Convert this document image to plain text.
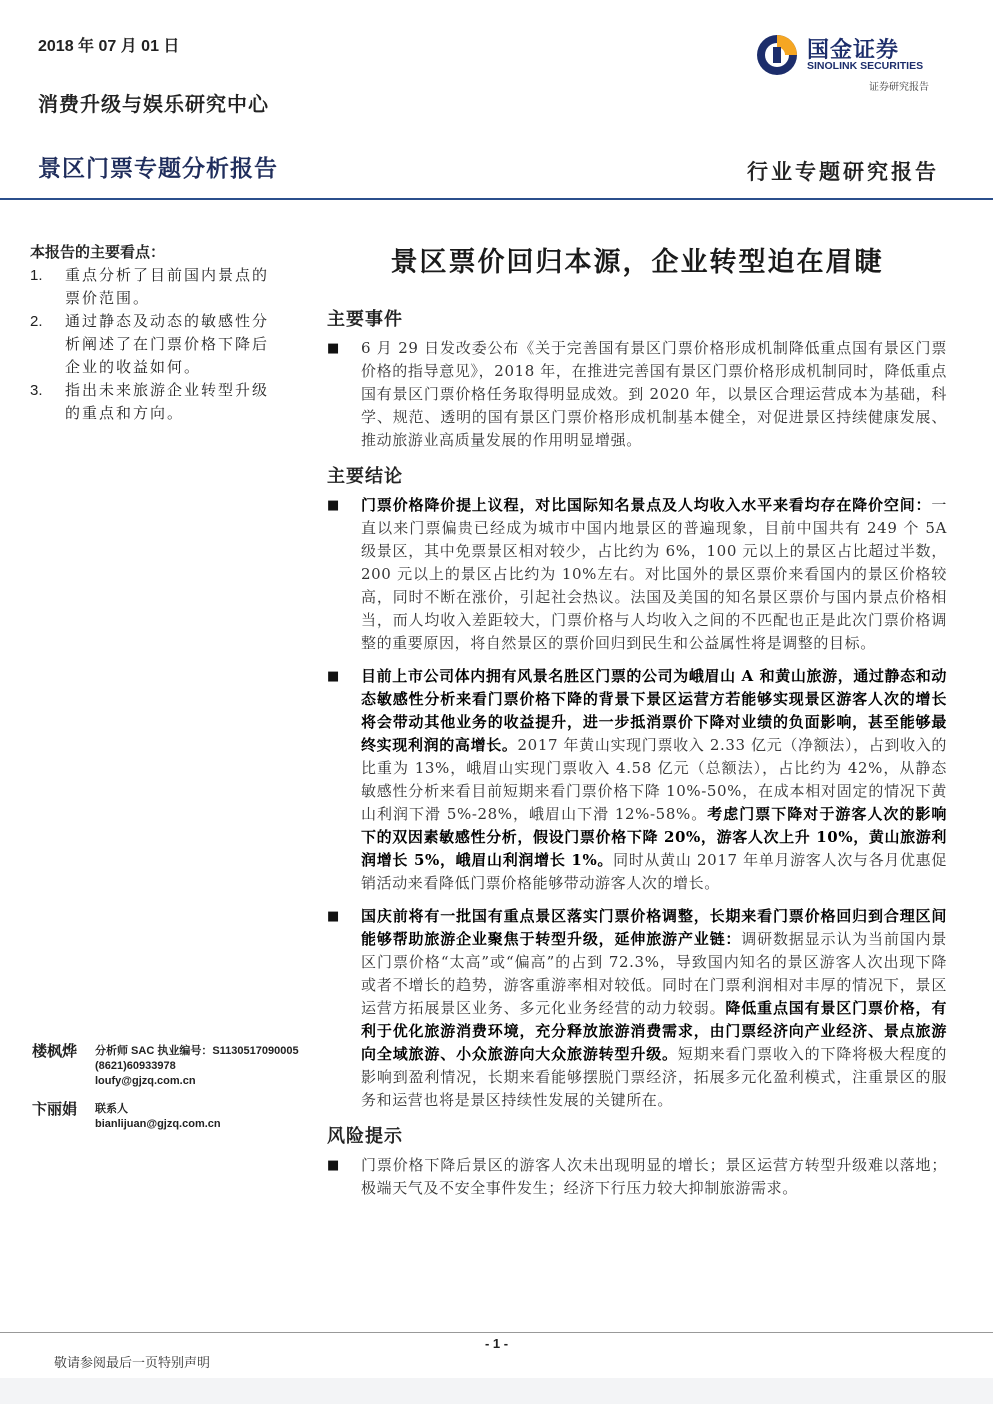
2018 年 07 月 01 日
消费升级与娱乐研究中心
景区门票专题分析报告	行业专题研究报告
国金证券
SINOLINK SECURITIES
证券研究报告
本报告的主要看点：
1.	重点分析了目前国内景点的票价范围。
2.	通过静态及动态的敏感性分析阐述了在门票价格下降后企业的收益如何。
3.	指出未来旅游企业转型升级的重点和方向。
楼枫烨 分析师 SAC 执业编号：S1130517090005
(8621)60933978
loufy@gjzq.com.cn
卞丽娟 联系人
bianlijuan@gjzq.com.cn
景区票价回归本源，企业转型迫在眉睫
主要事件
■	6 月 29 日发改委公布《关于完善国有景区门票价格形成机制降低重点国有景区门票价格的指导意见》，2018 年，在推进完善国有景区门票价格形成机制同时，降低重点国有景区门票价格任务取得明显成效。到 2020 年，以景区合理运营成本为基础，科学、规范、透明的国有景区门票价格形成机制基本健全，对促进景区持续健康发展、推动旅游业高质量发展的作用明显增强。
主要结论
■	门票价格降价提上议程，对比国际知名景点及人均收入水平来看均存在降价空间：一直以来门票偏贵已经成为城市中国内地景区的普遍现象，目前中国共有 249 个 5A 级景区，其中免票景区相对较少，占比约为 6%，100 元以上的景区占比超过半数，200 元以上的景区占比约为 10%左右。对比国外的景区票价来看国内的景区价格较高，同时不断在涨价，引起社会热议。法国及美国的知名景区票价与国内景点价格相当，而人均收入差距较大，门票价格与人均收入之间的不匹配也正是此次门票价格调整的重要原因，将自然景区的票价回归到民生和公益属性将是调整的目标。
■	目前上市公司体内拥有风景名胜区门票的公司为峨眉山 A 和黄山旅游，通过静态和动态敏感性分析来看门票价格下降的背景下景区运营方若能够实现景区游客人次的增长将会带动其他业务的收益提升，进一步抵消票价下降对业绩的负面影响，甚至能够最终实现利润的高增长。2017 年黄山实现门票收入 2.33 亿元（净额法），占到收入的比重为 13%，峨眉山实现门票收入 4.58 亿元（总额法），占比约为 42%，从静态敏感性分析来看目前短期来看门票价格下降 10%-50%，在成本相对固定的情况下黄山利润下滑 5%-28%，峨眉山下滑 12%-58%。考虑门票下降对于游客人次的影响下的双因素敏感性分析，假设门票价格下降 20%，游客人次上升 10%，黄山旅游利润增长 5%，峨眉山利润增长 1%。同时从黄山 2017 年单月游客人次与各月优惠促销活动来看降低门票价格能够带动游客人次的增长。
■	国庆前将有一批国有重点景区落实门票价格调整，长期来看门票价格回归到合理区间能够帮助旅游企业聚焦于转型升级，延伸旅游产业链：调研数据显示认为当前国内景区门票价格“太高”或“偏高”的占到 72.3%，导致国内知名的景区游客人次出现下降或者不增长的趋势，游客重游率相对较低。同时在门票利润相对丰厚的情况下，景区运营方拓展景区业务、多元化业务经营的动力较弱。降低重点国有景区门票价格，有利于优化旅游消费环境，充分释放旅游消费需求，由门票经济向产业经济、景点旅游向全域旅游、小众旅游向大众旅游转型升级。短期来看门票收入的下降将极大程度的影响到盈利情况，长期来看能够摆脱门票经济，拓展多元化盈利模式，注重景区的服务和运营也将是景区持续性发展的关键所在。
风险提示
■	门票价格下降后景区的游客人次未出现明显的增长；景区运营方转型升级难以落地；极端天气及不安全事件发生；经济下行压力较大抑制旅游需求。
- 1 -
敬请参阅最后一页特别声明
